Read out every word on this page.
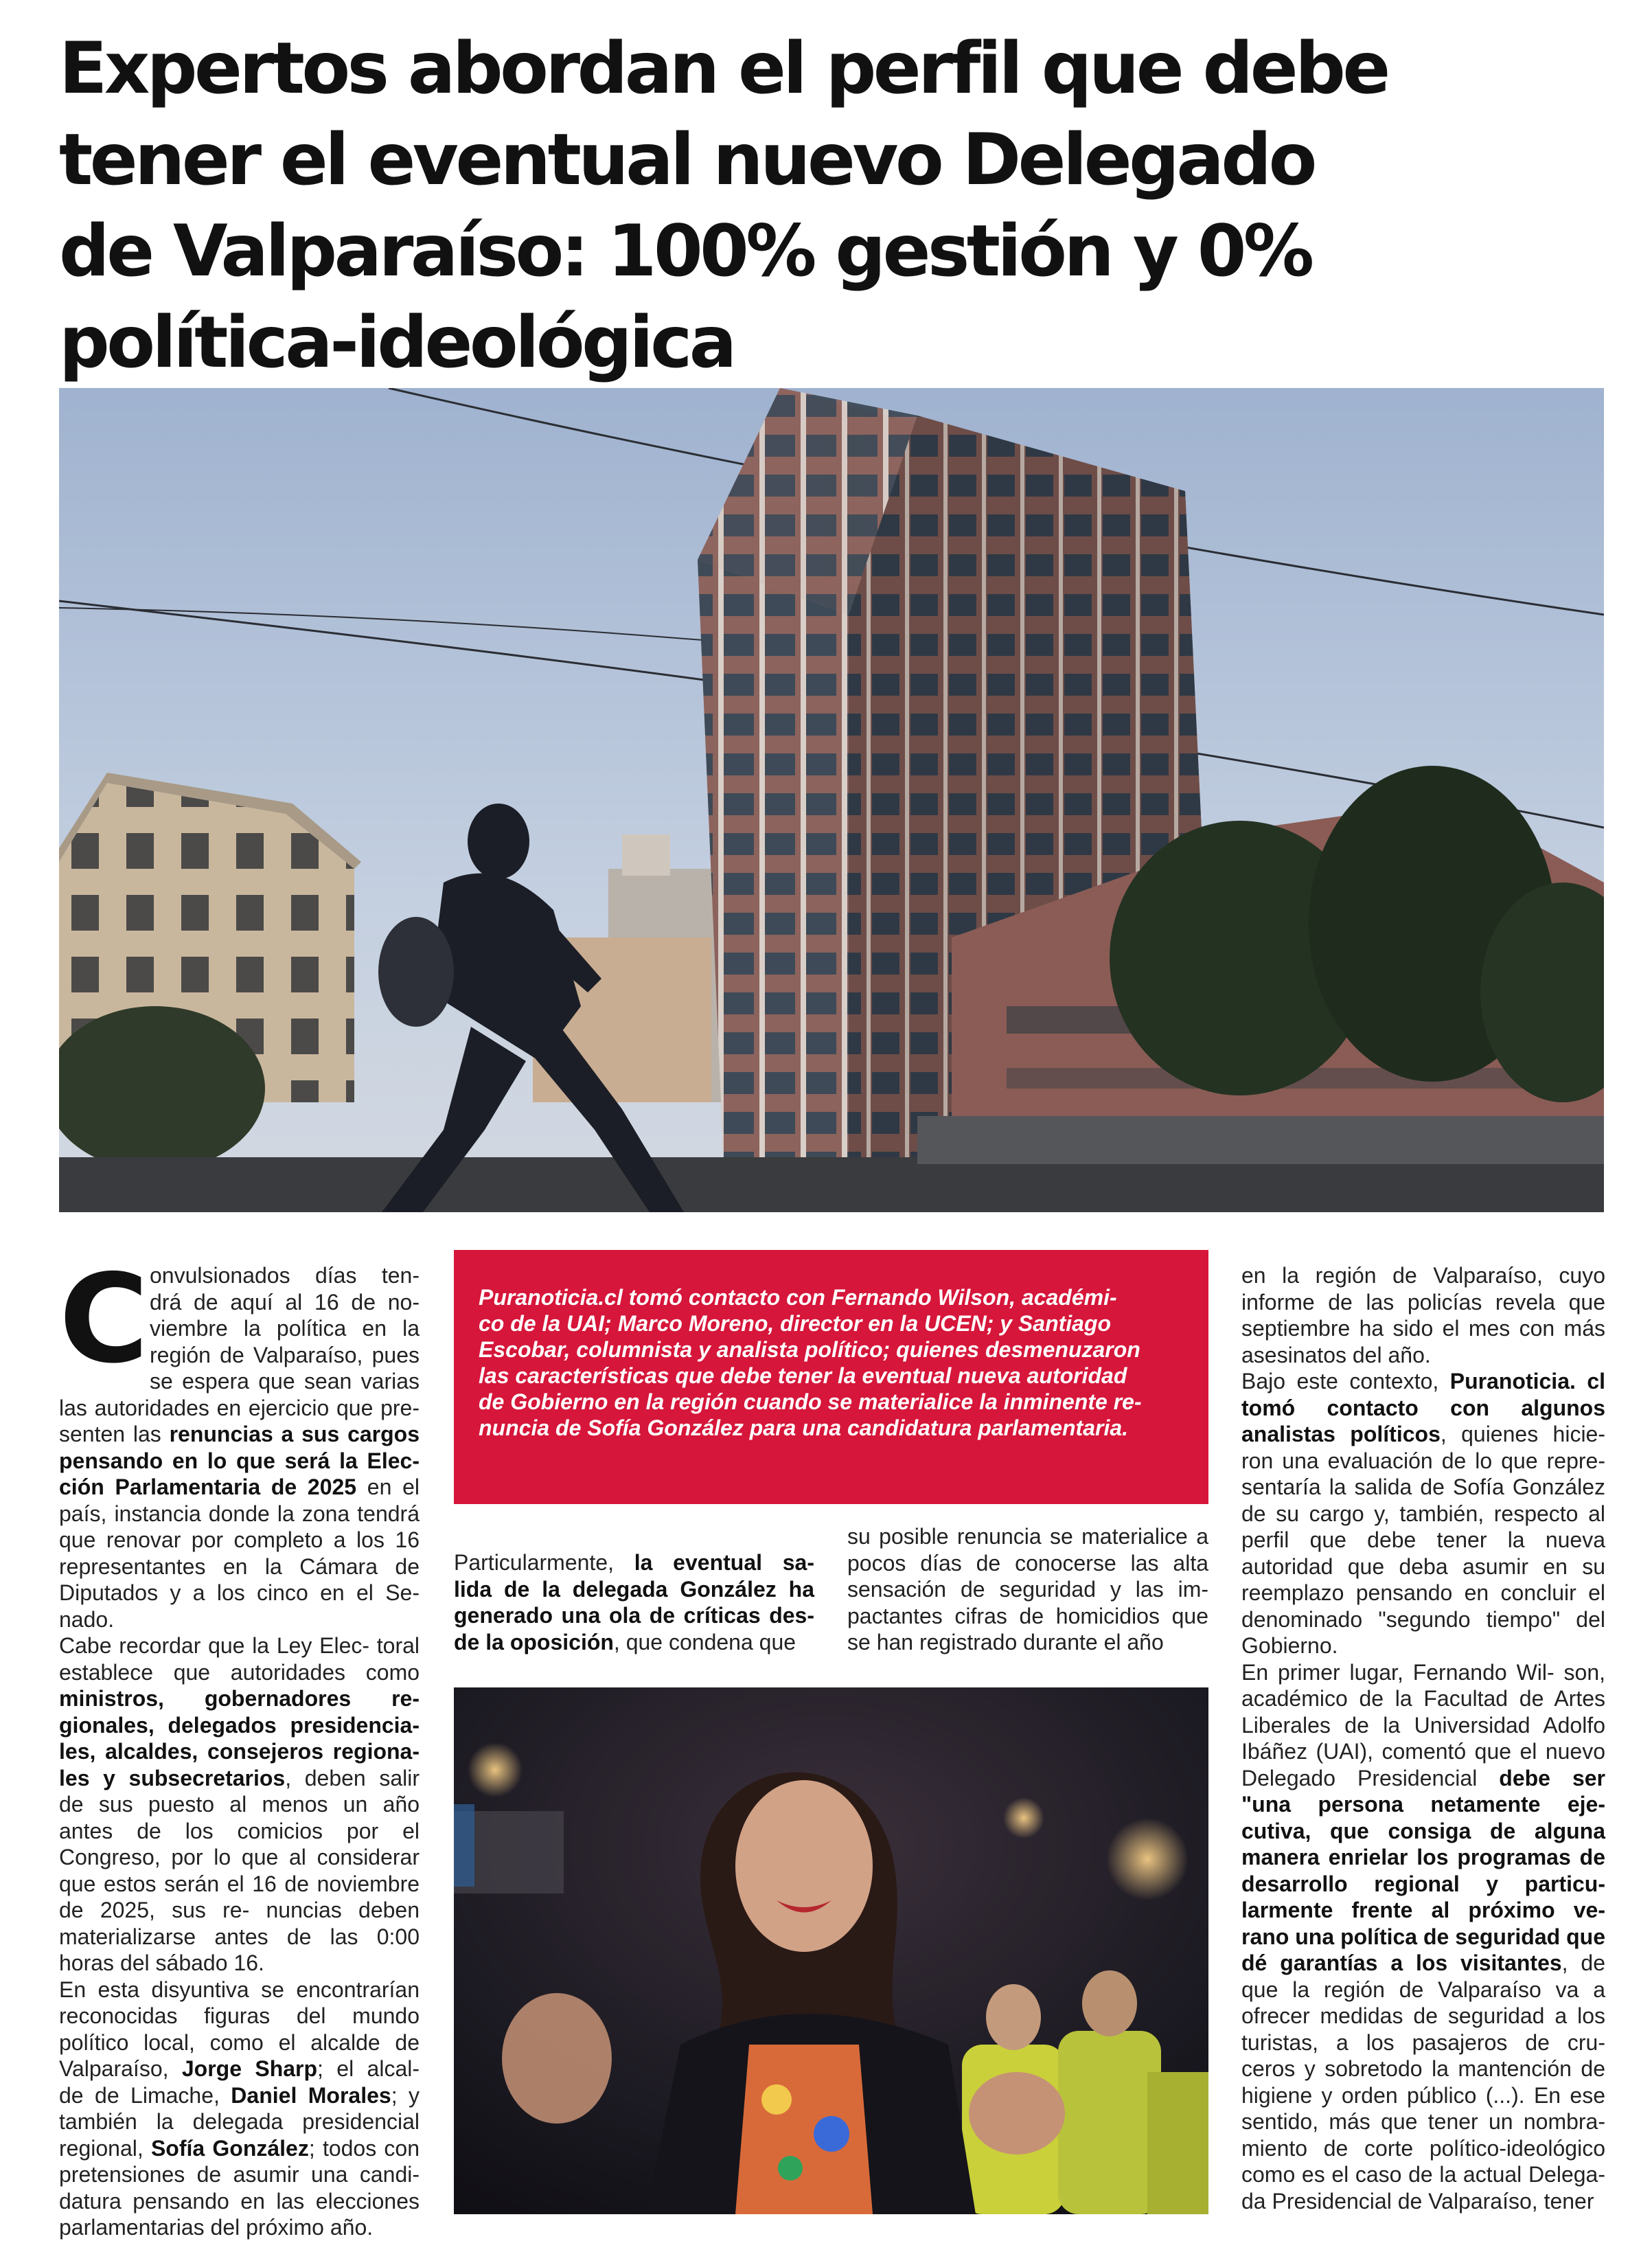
Expertos abordan el perfil que debe
tener el eventual nuevo Delegado
de Valparaíso: 100% gestión y 0%
política-ideológica
C onvulsionados días ten- drá de aquí al 16 de no- viembre la política en la región de Valparaíso, pues se espera que sean varias las autoridades en ejercicio que pre- senten las renuncias a sus cargos pensando en lo que será la Elec- ción Parlamentaria de 2025 en el país, instancia donde la zona tendrá que renovar por completo a los 16 representantes en la Cámara de Diputados y a los cinco en el Se- nado.
Cabe recordar que la Ley Elec- toral establece que autoridades como ministros, gobernadores re- gionales, delegados presidencia- les, alcaldes, consejeros regiona- les y subsecretarios, deben salir de sus puesto al menos un año antes de los comicios por el Congreso, por lo que al considerar que estos serán el 16 de noviembre de 2025, sus re- nuncias deben materializarse antes de las 0:00 horas del sábado 16.
En esta disyuntiva se encontrarían reconocidas figuras del mundo político local, como el alcalde de Valparaíso, Jorge Sharp; el alcal- de de Limache, Daniel Morales; y también la delegada presidencial regional, Sofía González; todos con pretensiones de asumir una candi- datura pensando en las elecciones parlamentarias del próximo año.
Puranoticia.cl tomó contacto con Fernando Wilson, académi-
co de la UAI; Marco Moreno, director en la UCEN; y Santiago
Escobar, columnista y analista político; quienes desmenuzaron
las características que debe tener la eventual nueva autoridad
de Gobierno en la región cuando se materialice la inminente re-
nuncia de Sofía González para una candidatura parlamentaria.
Particularmente, la eventual sa- lida de la delegada González ha generado una ola de críticas des- de la oposición, que condena que
su posible renuncia se materialice a pocos días de conocerse las alta sensación de seguridad y las im- pactantes cifras de homicidios que se han registrado durante el año
en la región de Valparaíso, cuyo informe de las policías revela que septiembre ha sido el mes con más asesinatos del año.
Bajo este contexto, Puranoticia. cl tomó contacto con algunos analistas políticos, quienes hicie- ron una evaluación de lo que repre- sentaría la salida de Sofía González de su cargo y, también, respecto al perfil que debe tener la nueva autoridad que deba asumir en su reemplazo pensando en concluir el denominado "segundo tiempo" del Gobierno.
En primer lugar, Fernando Wil- son, académico de la Facultad de Artes Liberales de la Universidad Adolfo Ibáñez (UAI), comentó que el nuevo Delegado Presidencial debe ser "una persona netamente eje- cutiva, que consiga de alguna manera enrielar los programas de desarrollo regional y particu- larmente frente al próximo ve- rano una política de seguridad que dé garantías a los visitantes, de que la región de Valparaíso va a ofrecer medidas de seguridad a los turistas, a los pasajeros de cru- ceros y sobretodo la mantención de higiene y orden público (...). En ese sentido, más que tener un nombra- miento de corte político-ideológico como es el caso de la actual Delega- da Presidencial de Valparaíso, tener
